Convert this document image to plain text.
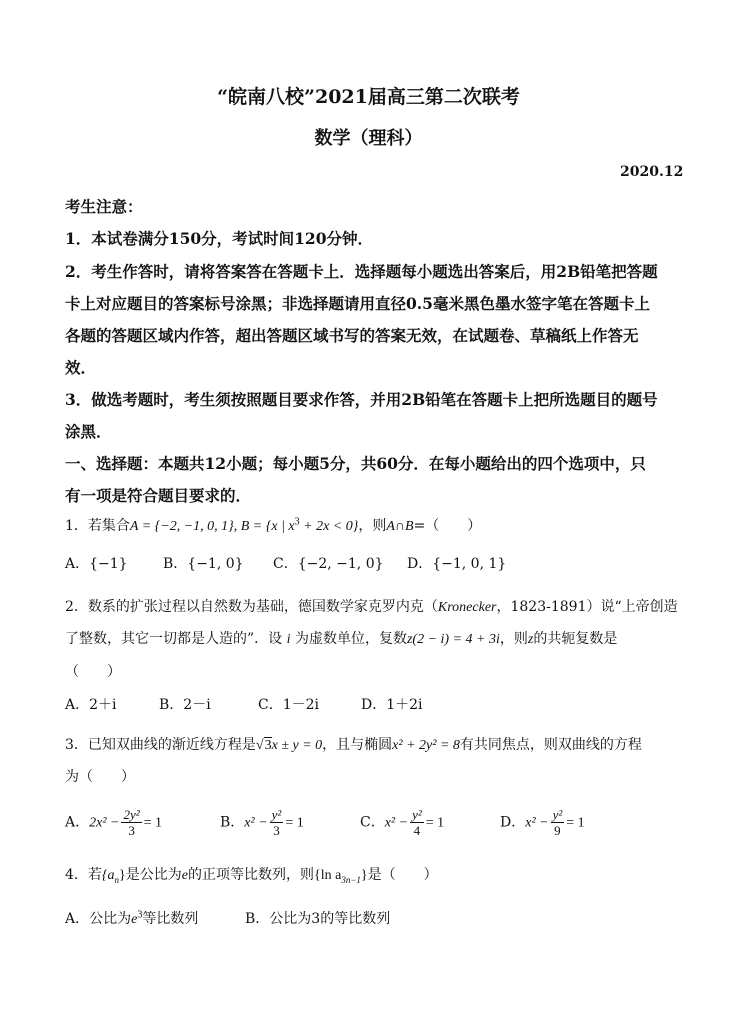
“皖南八校”2021届高三第二次联考
数学（理科）
2020.12
考生注意：
1．本试卷满分150分，考试时间120分钟．
2．考生作答时，请将答案答在答题卡上．选择题每小题选出答案后，用2B铅笔把答题
卡上对应题目的答案标号涂黑；非选择题请用直径0.5毫米黑色墨水签字笔在答题卡上
各题的答题区域内作答，超出答题区域书写的答案无效，在试题卷、草稿纸上作答无
效．
3．做选考题时，考生须按照题目要求作答，并用2B铅笔在答题卡上把所选题目的题号
涂黑．
一、选择题：本题共12小题；每小题5分，共60分．在每小题给出的四个选项中，只
有一项是符合题目要求的．
1．若集合A = {−2, −1, 0, 1}, B = {x | $x^3 + 2x < 0$}，则A∩B=（　　）
A．{−1}	B．{−1, 0} C．{−2, −1, 0} D．{−1, 0, 1}
2．数系的扩张过程以自然数为基础，德国数学家克罗内克（Kronecker，1823-1891）说“上帝创造
了整数，其它一切都是人造的”．设 i 为虚数单位，复数z(2 − i) = 4 + 3i，则z的共轭复数是
（　　）
A．2＋i	B．2－i	C．1－2i	D．1＋2i
3．已知双曲线的渐近线方程是√3x ± y = 0，且与椭圆x² + 2y² = 8有共同焦点，则双曲线的方程
为（　　）
A．$2x^2 - \frac{\text{2y²}}{3} = 1$	B．$x^2 - \frac{\text{y²}}{3} = 1$	C．$x^2 - \frac{\text{y²}}{4} = 1$	D．$x^2 - \frac{\text{y²}}{9} = 1$
4．若$\{a_n\}$是公比为e的正项等比数列，则{ln $a_{3n-1}$}是（　　）
A．公比为$e^3$等比数列	B．公比为3的等比数列
